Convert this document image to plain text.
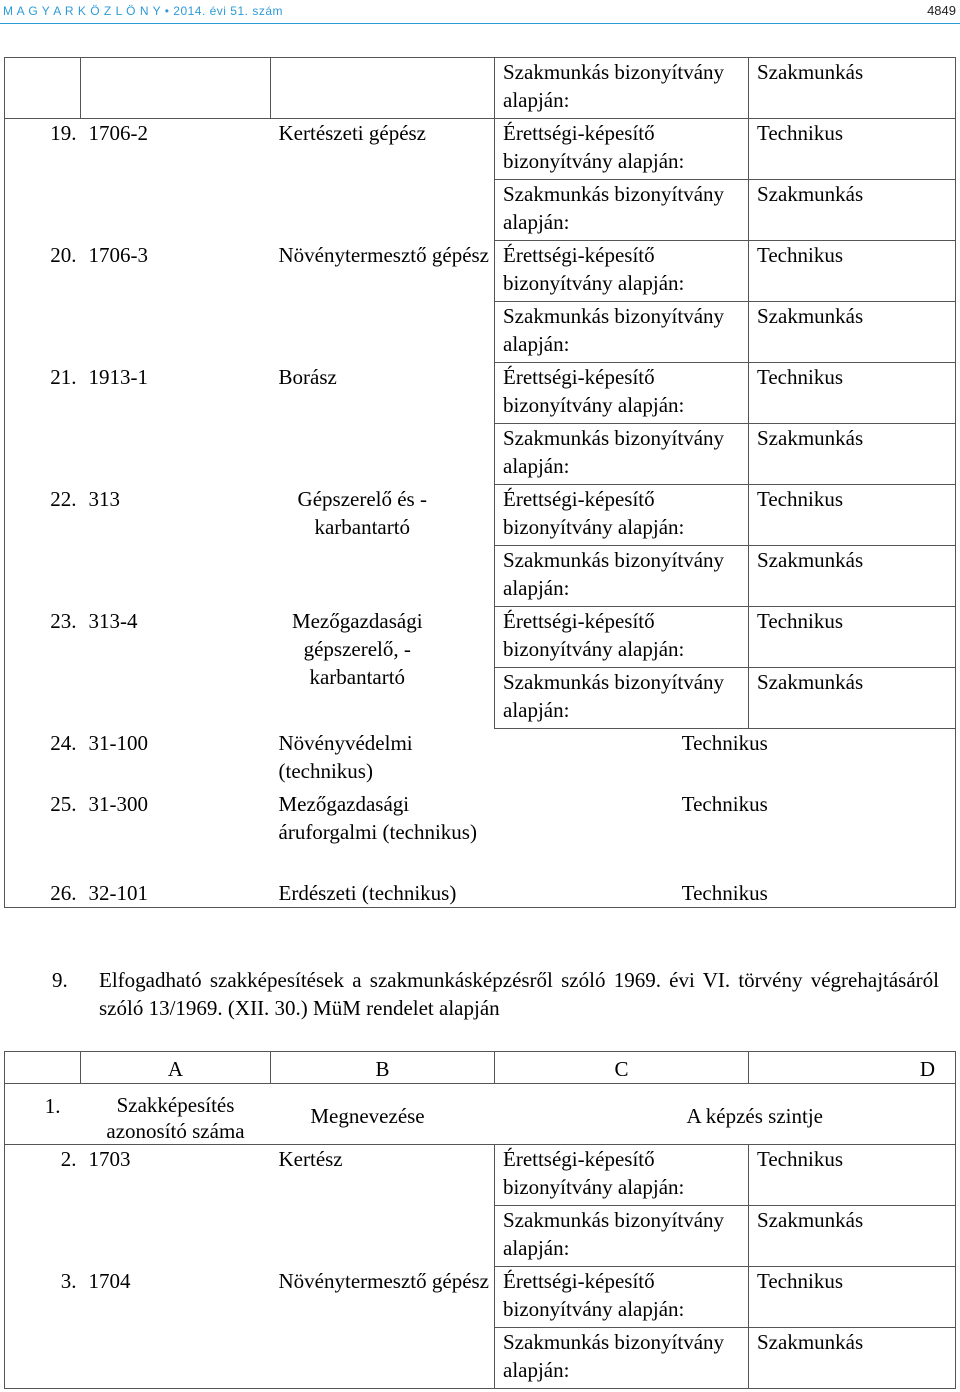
M A G Y A R K Ö Z L Ö N Y • 2014. évi 51. szám	4849
			Szakmunkás bizonyítvány alapján:	Szakmunkás
19.	1706-2	Kertészeti gépész	Érettségi-képesítő bizonyítvány alapján:	Technikus
			Szakmunkás bizonyítvány alapján:	Szakmunkás
20.	1706-3	Növénytermesztő gépész	Érettségi-képesítő bizonyítvány alapján:	Technikus
			Szakmunkás bizonyítvány alapján:	Szakmunkás
21.	1913-1	Borász	Érettségi-képesítő bizonyítvány alapján:	Technikus
			Szakmunkás bizonyítvány alapján:	Szakmunkás
22.	313	Gépszerelő és -karbantartó	Érettségi-képesítő bizonyítvány alapján:	Technikus
			Szakmunkás bizonyítvány alapján:	Szakmunkás
23.	313-4	Mezőgazdasági gépszerelő, - karbantartó	Érettségi-képesítő bizonyítvány alapján:	Technikus
			Szakmunkás bizonyítvány alapján:	Szakmunkás
24.	31-100	Növényvédelmi (technikus)	Technikus	
25.	31-300	Mezőgazdasági áruforgalmi (technikus)	Technikus	
26.	32-101	Erdészeti (technikus)	Technikus	
9. Elfogadható szakképesítések a szakmunkásképzésről szóló 1969. évi VI. törvény végrehajtásáról szóló 13/1969. (XII. 30.) MüM rendelet alapján
	A	B	C	D
1.	Szakképesítés azonosító száma	Megnevezése	A képzés szintje	
2.	1703	Kertész	Érettségi-képesítő bizonyítvány alapján:	Technikus
			Szakmunkás bizonyítvány alapján:	Szakmunkás
3.	1704	Növénytermesztő gépész	Érettségi-képesítő bizonyítvány alapján:	Technikus
			Szakmunkás bizonyítvány alapján:	Szakmunkás
